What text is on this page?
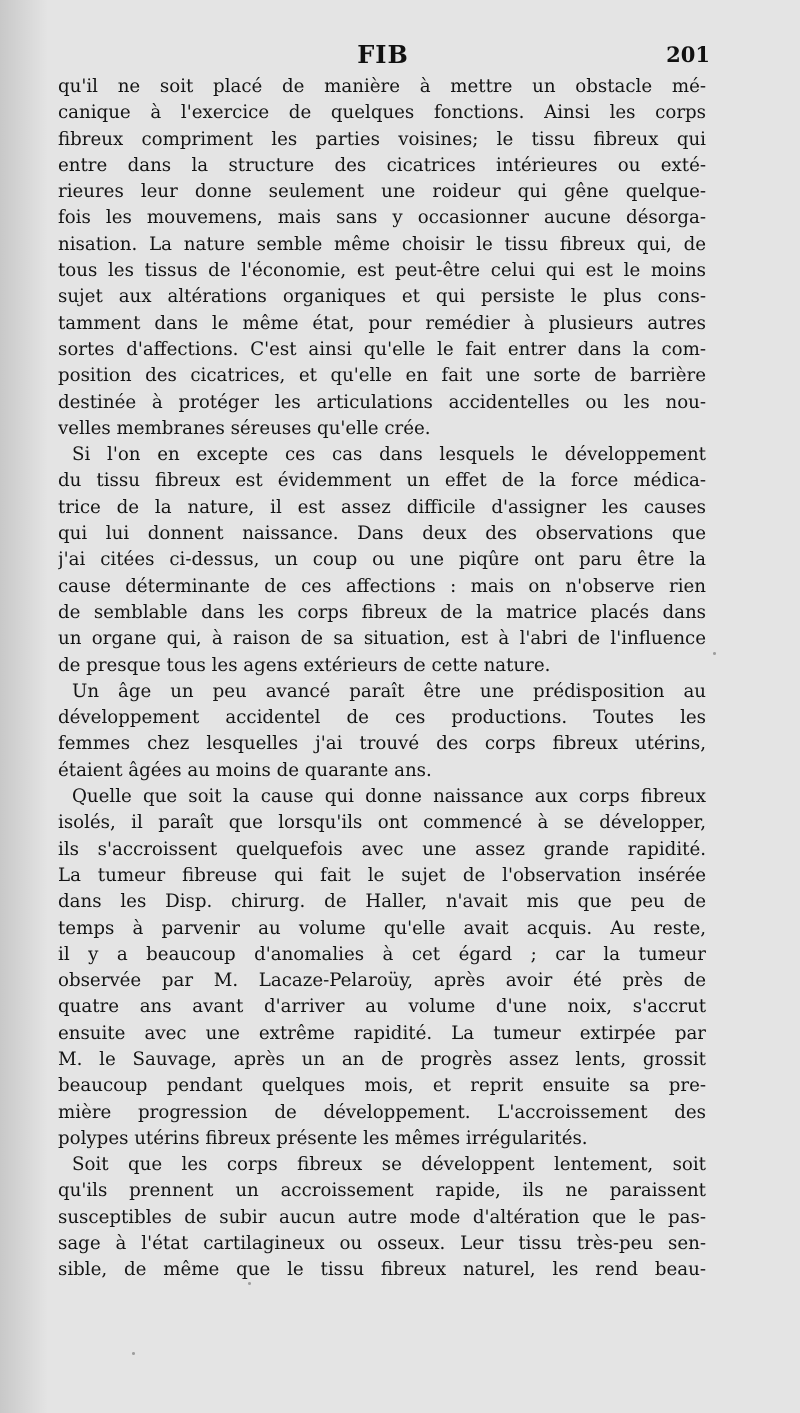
FIB	201
qu'il ne soit placé de manière à mettre un obstacle mé-
canique à l'exercice de quelques fonctions. Ainsi les corps
fibreux compriment les parties voisines; le tissu fibreux qui
entre dans la structure des cicatrices intérieures ou exté-
rieures leur donne seulement une roideur qui gêne quelque-
fois les mouvemens, mais sans y occasionner aucune désorga-
nisation. La nature semble même choisir le tissu fibreux qui, de
tous les tissus de l'économie, est peut-être celui qui est le moins
sujet aux altérations organiques et qui persiste le plus cons-
tamment dans le même état, pour remédier à plusieurs autres
sortes d'affections. C'est ainsi qu'elle le fait entrer dans la com-
position des cicatrices, et qu'elle en fait une sorte de barrière
destinée à protéger les articulations accidentelles ou les nou-
velles membranes séreuses qu'elle crée.
Si l'on en excepte ces cas dans lesquels le développement
du tissu fibreux est évidemment un effet de la force médica-
trice de la nature, il est assez difficile d'assigner les causes
qui lui donnent naissance. Dans deux des observations que
j'ai citées ci-dessus, un coup ou une piqûre ont paru être la
cause déterminante de ces affections : mais on n'observe rien
de semblable dans les corps fibreux de la matrice placés dans
un organe qui, à raison de sa situation, est à l'abri de l'influence
de presque tous les agens extérieurs de cette nature.
Un âge un peu avancé paraît être une prédisposition au
développement accidentel de ces productions. Toutes les
femmes chez lesquelles j'ai trouvé des corps fibreux utérins,
étaient âgées au moins de quarante ans.
Quelle que soit la cause qui donne naissance aux corps fibreux
isolés, il paraît que lorsqu'ils ont commencé à se développer,
ils s'accroissent quelquefois avec une assez grande rapidité.
La tumeur fibreuse qui fait le sujet de l'observation insérée
dans les Disp. chirurg. de Haller, n'avait mis que peu de
temps à parvenir au volume qu'elle avait acquis. Au reste,
il y a beaucoup d'anomalies à cet égard ; car la tumeur
observée par M. Lacaze-Pelaroüy, après avoir été près de
quatre ans avant d'arriver au volume d'une noix, s'accrut
ensuite avec une extrême rapidité. La tumeur extirpée par
M. le Sauvage, après un an de progrès assez lents, grossit
beaucoup pendant quelques mois, et reprit ensuite sa pre-
mière progression de développement. L'accroissement des
polypes utérins fibreux présente les mêmes irrégularités.
Soit que les corps fibreux se développent lentement, soit
qu'ils prennent un accroissement rapide, ils ne paraissent
susceptibles de subir aucun autre mode d'altération que le pas-
sage à l'état cartilagineux ou osseux. Leur tissu très-peu sen-
sible, de même que le tissu fibreux naturel, les rend beau-
